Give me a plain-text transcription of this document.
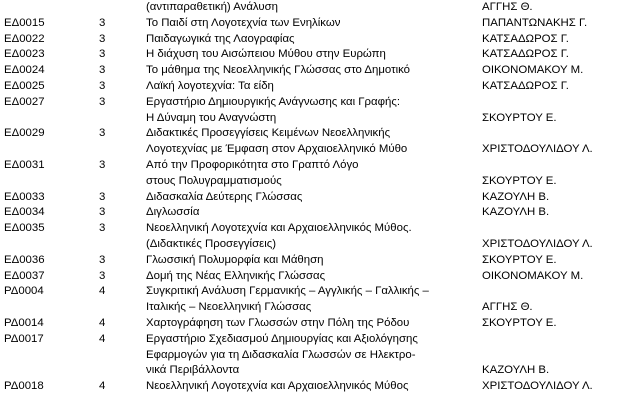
(αντιπαραθετική) Ανάλυση	ΑΓΓΗΣ Θ.
ΕΔ0015	3	Το Παιδί στη Λογοτεχνία των Ενηλίκων	ΠΑΠΑΝΤΩΝΑΚΗΣ Γ.
ΕΔ0022	3	Παιδαγωγικά της Λαογραφίας	ΚΑΤΣΑΔΩΡΟΣ Γ.
ΕΔ0023	3	Η διάχυση του Αισώπειου Μύθου στην Ευρώπη	ΚΑΤΣΑΔΩΡΟΣ Γ.
ΕΔ0024	3	Το μάθημα της Νεοελληνικής Γλώσσας στο Δημοτικό	ΟΙΚΟΝΟΜΑΚΟΥ Μ.
ΕΔ0025	3	Λαϊκή λογοτεχνία: Τα είδη	ΚΑΤΣΑΔΩΡΟΣ Γ.
ΕΔ0027	3	Εργαστήριο Δημιουργικής Ανάγνωσης και Γραφής:
Η Δύναμη του Αναγνώστη	ΣΚΟΥΡΤΟΥ Ε.
ΕΔ0029	3	Διδακτικές Προσεγγίσεις Κειμένων Νεοελληνικής
Λογοτεχνίας με Έμφαση στον Αρχαιοελληνικό Μύθο	ΧΡΙΣΤΟΔΟΥΛΙΔΟΥ Λ.
ΕΔ0031	3	Από την Προφορικότητα στο Γραπτό Λόγο
στους Πολυγραμματισμούς	ΣΚΟΥΡΤΟΥ Ε.
ΕΔ0033	3	Διδασκαλία Δεύτερης Γλώσσας	ΚΑΖΟΥΛΗ Β.
ΕΔ0034	3	Διγλωσσία	ΚΑΖΟΥΛΗ Β.
ΕΔ0035	3	Νεοελληνική Λογοτεχνία και Αρχαιοελληνικός Μύθος.
(Διδακτικές Προσεγγίσεις)	ΧΡΙΣΤΟΔΟΥΛΙΔΟΥ Λ.
ΕΔ0036	3	Γλωσσική Πολυμορφία και Μάθηση	ΣΚΟΥΡΤΟΥ Ε.
ΕΔ0037	3	Δομή της Νέας Ελληνικής Γλώσσας	ΟΙΚΟΝΟΜΑΚΟΥ Μ.
ΡΔ0004	4	Συγκριτική Ανάλυση Γερμανικής – Αγγλικής – Γαλλικής –
Ιταλικής – Νεοελληνική Γλώσσας	ΑΓΓΗΣ Θ.
ΡΔ0014	4	Χαρτογράφηση των Γλωσσών στην Πόλη της Ρόδου	ΣΚΟΥΡΤΟΥ Ε.
ΡΔ0017	4	Εργαστήριο Σχεδιασμού Δημιουργίας και Αξιολόγησης
Εφαρμογών για τη Διδασκαλία Γλωσσών σε Ηλεκτρο-
νικά Περιβάλλοντα	ΚΑΖΟΥΛΗ Β.
ΡΔ0018	4	Νεοελληνική Λογοτεχνία και Αρχαιοελληνικός Μύθος	ΧΡΙΣΤΟΔΟΥΛΙΔΟΥ Λ.
